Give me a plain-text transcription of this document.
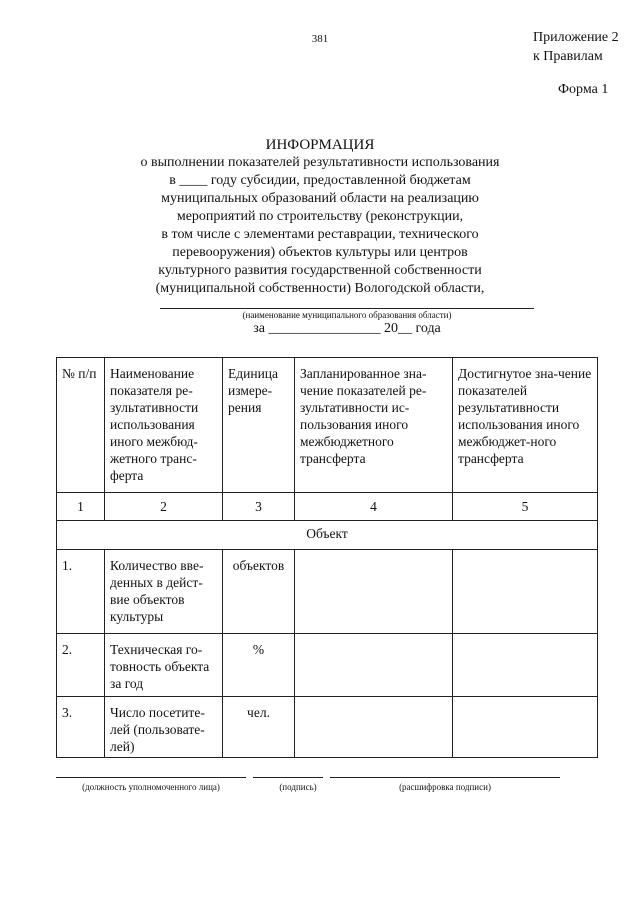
381	Приложение 2
к Правилам
Форма 1
ИНФОРМАЦИЯ
о выполнении показателей результативности использования
в ____ году субсидии, предоставленной бюджетам
муниципальных образований области на реализацию
мероприятий по строительству (реконструкции,
в том числе с элементами реставрации, технического
перевооружения) объектов культуры или центров
культурного развития государственной собственности
(муниципальной собственности) Вологодской области,
(наименование муниципального образования области)
за ________________ 20__ года
№ п/п	Наименование показателя ре-зультативности использования иного межбюд-жетного транс-ферта	Единица измере-рения	Запланированное зна-чение показателей ре-зультативности ис-пользования иного межбюджетного трансферта	Достигнутое зна-чение показателей результативности использования иного межбюджет-ного трансферта
1	2	3	4	5
Объект				
1.	Количество вве-денных в дейст-вие объектов культуры	объектов		
2.	Техническая го-товность объекта за год	%		
3.	Число посетите-лей (пользовате-лей)	чел.		
(должность уполномоченного лица)	(подпись)	(расшифровка подписи)
